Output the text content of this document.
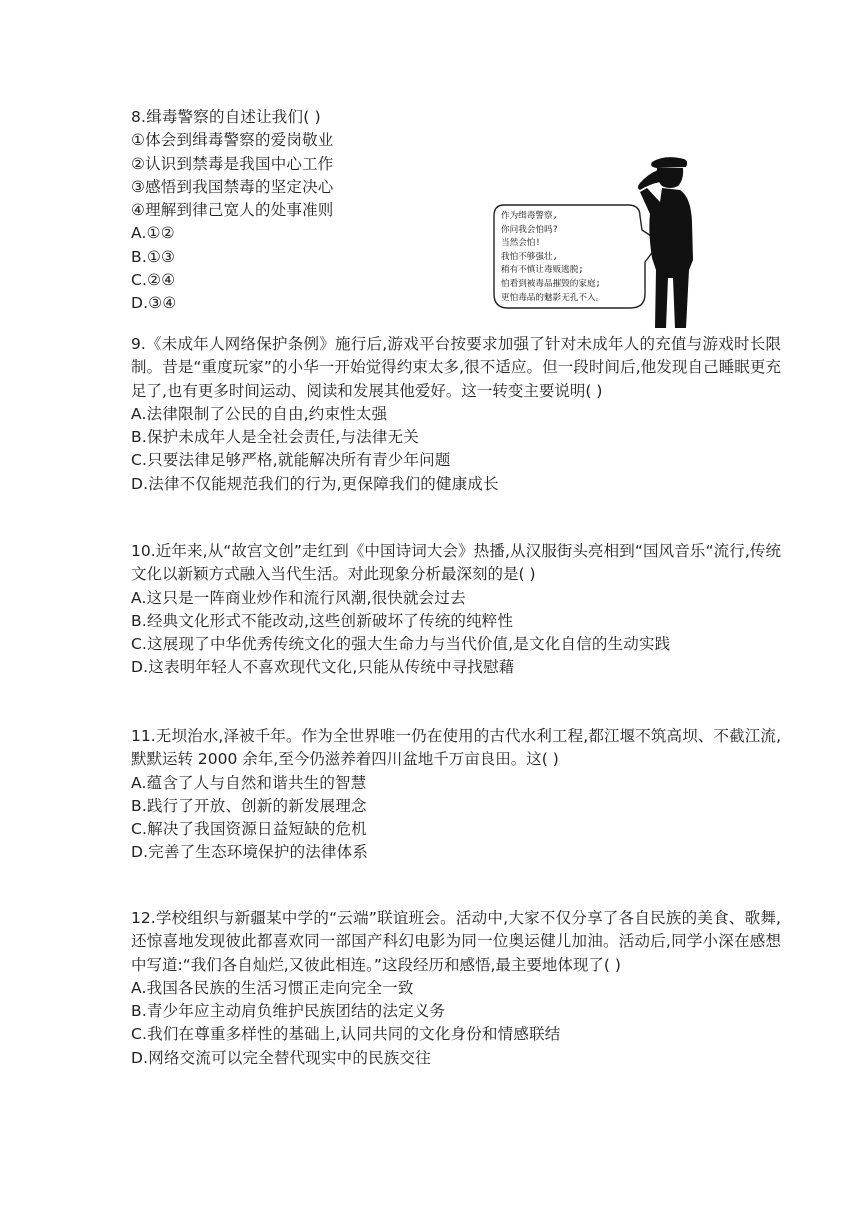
8.缉毒警察的自述让我们( )
①体会到缉毒警察的爱岗敬业
②认识到禁毒是我国中心工作
③感悟到我国禁毒的坚定决心
④理解到律己宽人的处事准则
A.①②
B.①③
C.②④
D.③④
作为缉毒警察,
你问我会怕吗?
当然会怕!
我怕不够强壮,
稍有不慎让毒贩逃脱;
怕看到被毒品摧毁的家庭;
更怕毒品的魅影无孔不入。
9.《未成年人网络保护条例》施行后,游戏平台按要求加强了针对未成年人的充值与游戏时长限制。昔是“重度玩家”的小华一开始觉得约束太多,很不适应。但一段时间后,他发现自己睡眠更充足了,也有更多时间运动、阅读和发展其他爱好。这一转变主要说明( )
A.法律限制了公民的自由,约束性太强
B.保护未成年人是全社会责任,与法律无关
C.只要法律足够严格,就能解决所有青少年问题
D.法律不仅能规范我们的行为,更保障我们的健康成长
10.近年来,从“故宫文创”走红到《中国诗词大会》热播,从汉服街头亮相到“国风音乐“流行,传统文化以新颖方式融入当代生活。对此现象分析最深刻的是( )
A.这只是一阵商业炒作和流行风潮,很快就会过去
B.经典文化形式不能改动,这些创新破坏了传统的纯粹性
C.这展现了中华优秀传统文化的强大生命力与当代价值,是文化自信的生动实践
D.这表明年轻人不喜欢现代文化,只能从传统中寻找慰藉
11.无坝治水,泽被千年。作为全世界唯一仍在使用的古代水利工程,都江堰不筑高坝、不截江流,默默运转 2000 余年,至今仍滋养着四川盆地千万亩良田。这( )
A.蕴含了人与自然和谐共生的智慧
B.践行了开放、创新的新发展理念
C.解决了我国资源日益短缺的危机
D.完善了生态环境保护的法律体系
12.学校组织与新疆某中学的“云端”联谊班会。活动中,大家不仅分享了各自民族的美食、歌舞,还惊喜地发现彼此都喜欢同一部国产科幻电影为同一位奥运健儿加油。活动后,同学小深在感想中写道:“我们各自灿烂,又彼此相连。”这段经历和感悟,最主要地体现了( )
A.我国各民族的生活习惯正走向完全一致
B.青少年应主动肩负维护民族团结的法定义务
C.我们在尊重多样性的基础上,认同共同的文化身份和情感联结
D.网络交流可以完全替代现实中的民族交往
